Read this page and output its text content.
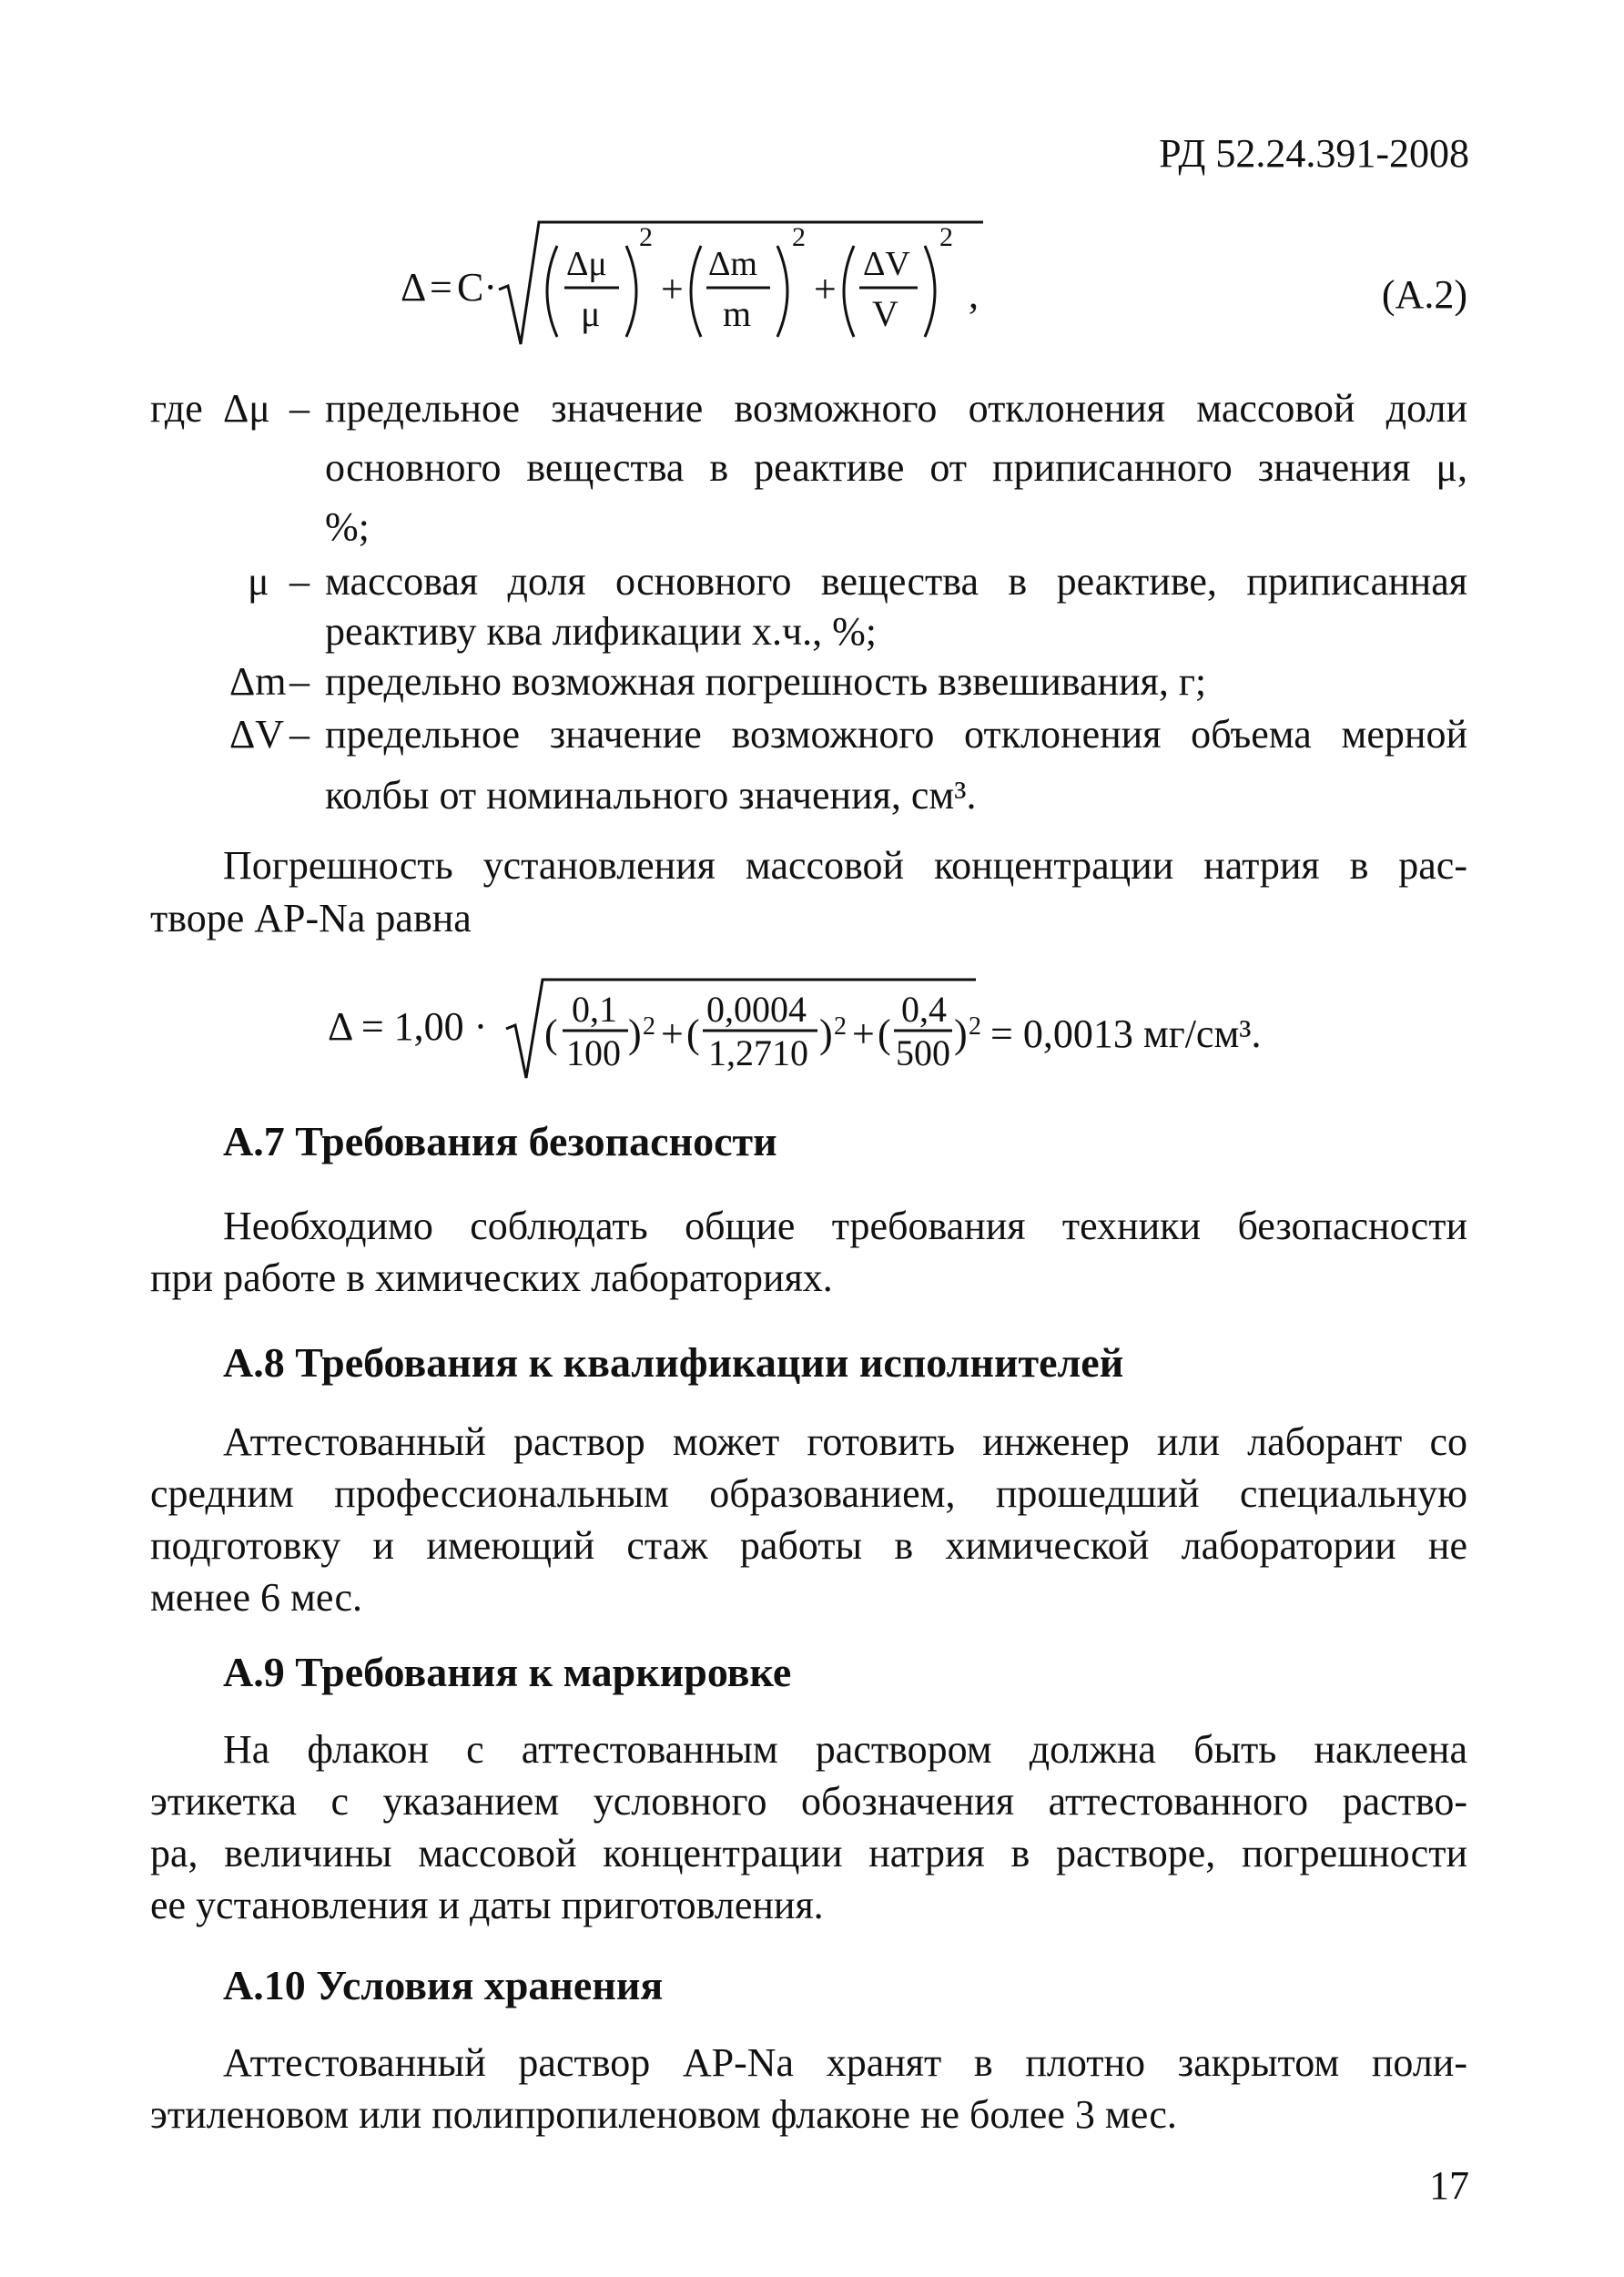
РД 52.24.391-2008
Δ = C·
Δμ
μ
2
+
Δm
m
2
+
ΔV
V
2
,	(А.2)
где Δμ – предельное значение возможного отклонения массовой доли
основного вещества в реактиве от приписанного значения μ,
%;
μ – массовая доля основного вещества в реактиве, приписанная
реактиву ква лификации х.ч., %;
Δm – предельно возможная погрешность взвешивания, г;
ΔV – предельное значение возможного отклонения объема мерной
колбы от номинального значения, см³.
Погрешность установления массовой концентрации натрия в рас-
творе АР-Na равна
Δ = 1,00 · (
0,1
100 ) 2 + (
0,0004
1,2710 ) 2 + (
0,4
500 ) 2 = 0,0013 мг/см³.
А.7 Требования безопасности
Необходимо соблюдать общие требования техники безопасности
при работе в химических лабораториях.
А.8 Требования к квалификации исполнителей
Аттестованный раствор может готовить инженер или лаборант со
средним профессиональным образованием, прошедший специальную
подготовку и имеющий стаж работы в химической лаборатории не
менее 6 мес.
А.9 Требования к маркировке
На флакон с аттестованным раствором должна быть наклеена
этикетка с указанием условного обозначения аттестованного раство-
ра, величины массовой концентрации натрия в растворе, погрешности
ее установления и даты приготовления.
А.10 Условия хранения
Аттестованный раствор АР-Na хранят в плотно закрытом поли-
этиленовом или полипропиленовом флаконе не более 3 мес.
17
